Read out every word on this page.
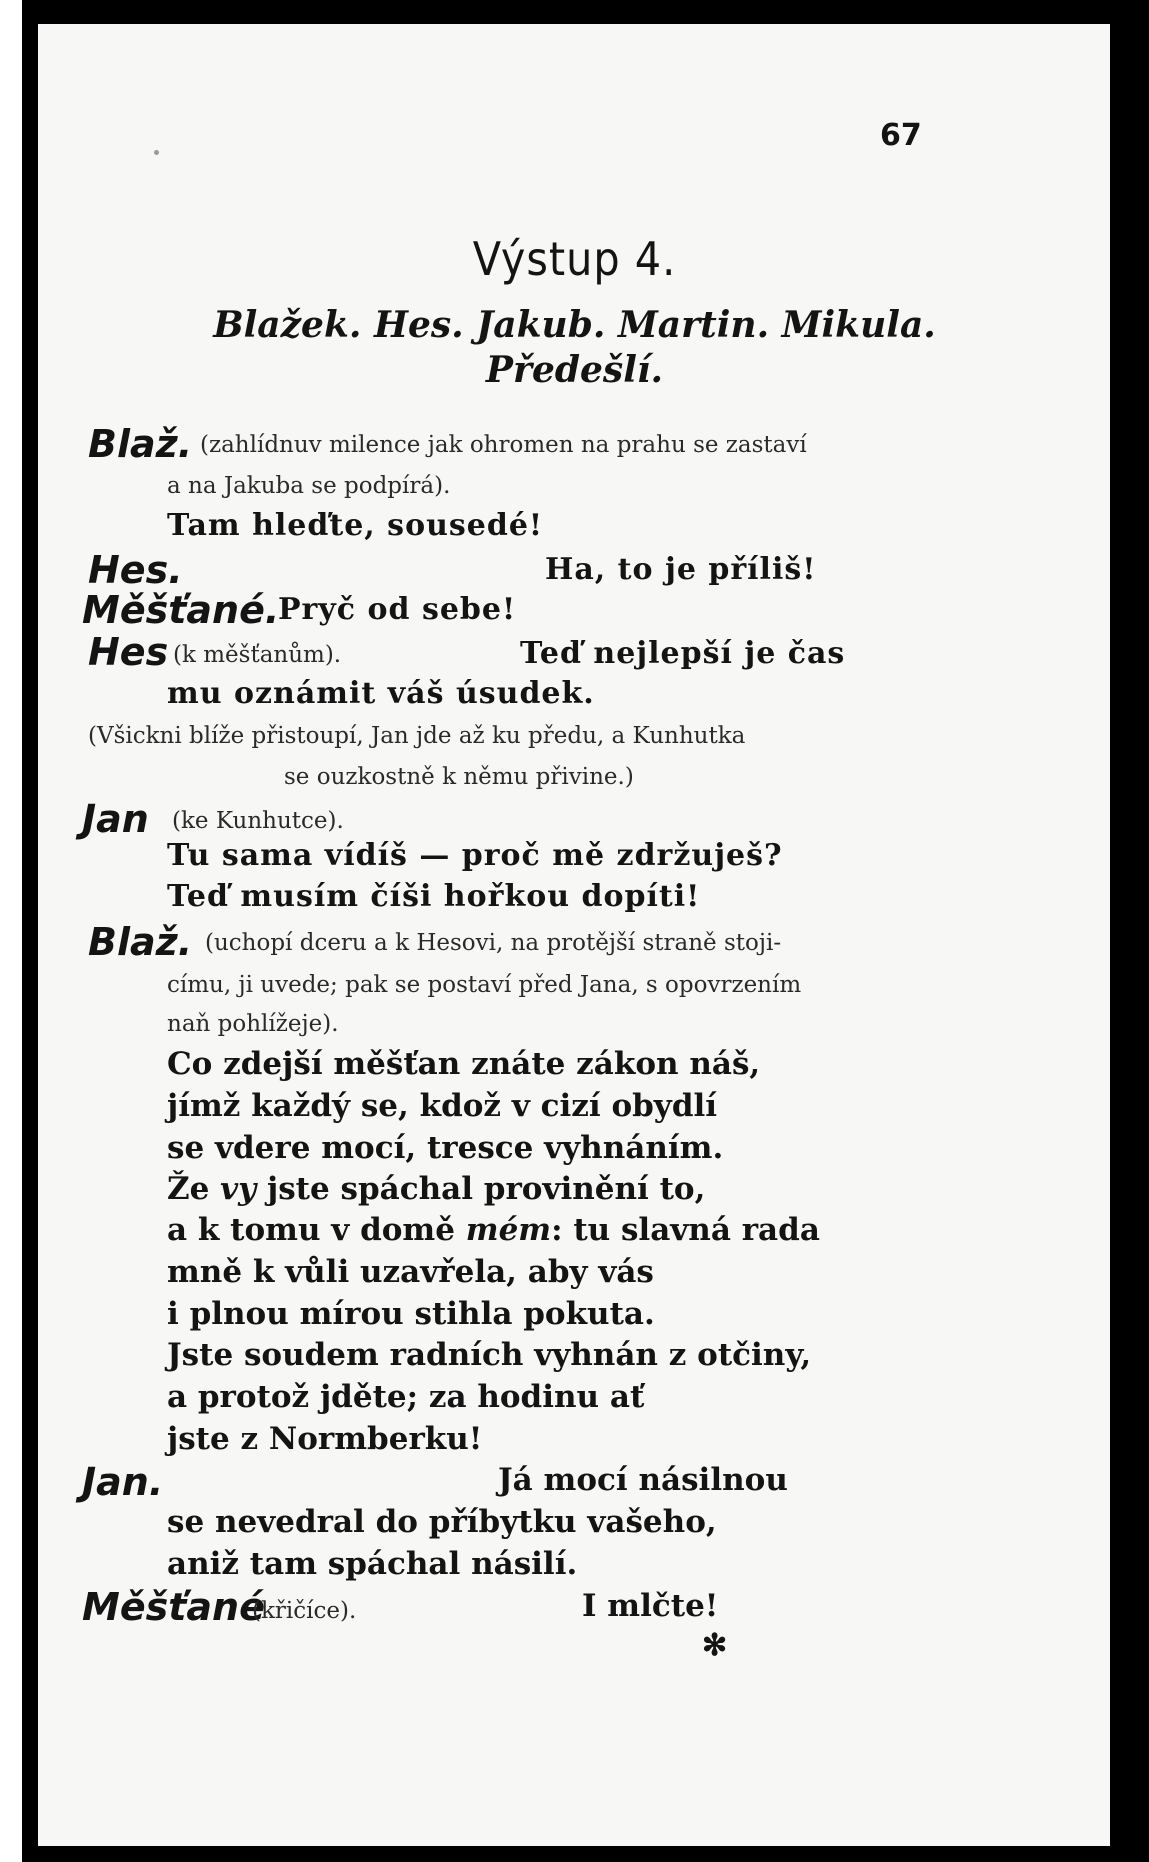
67
Výstup 4.
Blažek. Hes. Jakub. Martin. Mikula.
Předešlí.
Blaž. (zahlídnuv milence jak ohromen na prahu se zastaví
a na Jakuba se podpírá).
Tam hleďte, sousedé!
Hes.	Ha, to je příliš!
Měšťané.
Pryč od sebe!
Hes (k měšťanům).	Teď nejlepší je čas
mu oznámit váš úsudek.
(Všickni blíže přistoupí, Jan jde až ku předu, a Kunhutka
se ouzkostně k němu přivine.)
Jan (ke Kunhutce).
Tu sama vídíš — proč mě zdržuješ?
Teď musím číši hořkou dopíti!
Blaž. (uchopí dceru a k Hesovi, na protější straně stoji-
címu, ji uvede; pak se postaví před Jana, s opovrzením
naň pohlížeje).
Co zdejší měšťan znáte zákon náš,
jímž každý se, kdož v cizí obydlí
se vdere mocí, tresce vyhnáním.
Že vy jste spáchal provinění to,
a k tomu v domě mém: tu slavná rada
mně k vůli uzavřela, aby vás
i plnou mírou stihla pokuta.
Jste soudem radních vyhnán z otčiny,
a protož jděte; za hodinu ať
jste z Normberku!
Jan.	Já mocí násilnou
se nevedral do příbytku vašeho,
aniž tam spáchal násilí.
Měšťané
(křičíce).	I mlčte!
✻
